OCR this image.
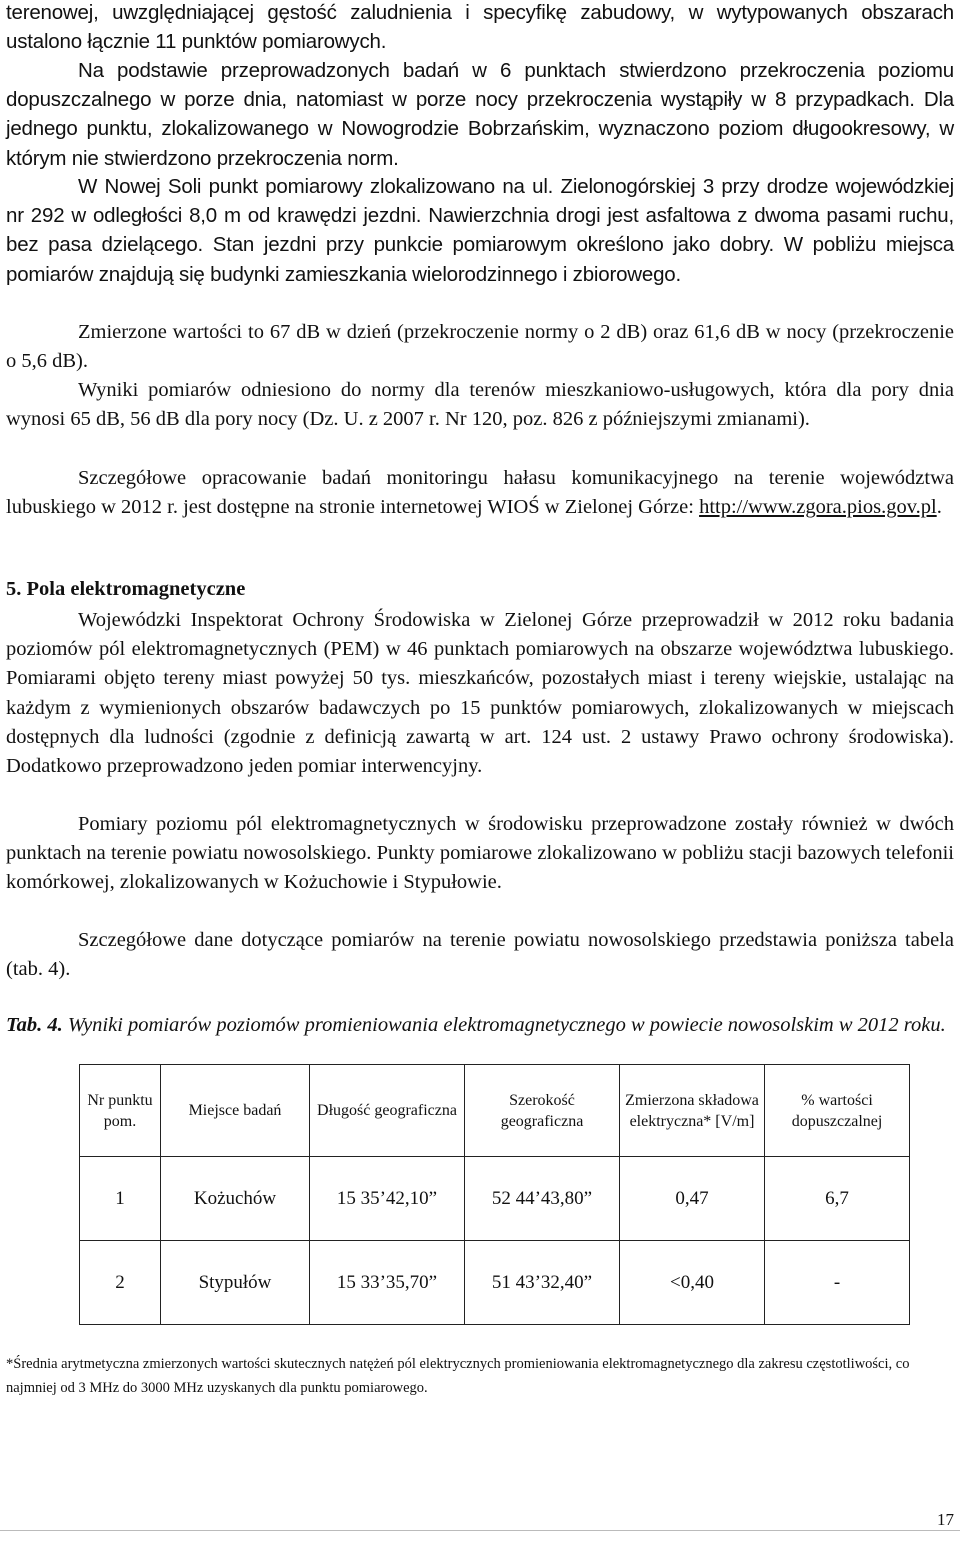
terenowej, uwzględniającej gęstość zaludnienia i specyfikę zabudowy, w wytypowanych obszarach ustalono łącznie 11 punktów pomiarowych.

Na podstawie przeprowadzonych badań w 6 punktach stwierdzono przekroczenia poziomu dopuszczalnego w porze dnia, natomiast w porze nocy przekroczenia wystąpiły w 8 przypadkach. Dla jednego punktu, zlokalizowanego w Nowogrodzie Bobrzańskim, wyznaczono poziom długookresowy, w którym nie stwierdzono przekroczenia norm.

W Nowej Soli punkt pomiarowy zlokalizowano na ul. Zielonogórskiej 3 przy drodze wojewódzkiej nr 292 w odległości 8,0 m od krawędzi jezdni. Nawierzchnia drogi jest asfaltowa z dwoma pasami ruchu, bez pasa dzielącego. Stan jezdni przy punkcie pomiarowym określono jako dobry. W pobliżu miejsca pomiarów znajdują się budynki zamieszkania wielorodzinnego i zbiorowego.

Zmierzone wartości to 67 dB w dzień (przekroczenie normy o 2 dB) oraz 61,6 dB w nocy (przekroczenie o 5,6 dB).

Wyniki pomiarów odniesiono do normy dla terenów mieszkaniowo-usługowych, która dla pory dnia wynosi 65 dB, 56 dB dla pory nocy (Dz. U. z 2007 r. Nr 120, poz. 826 z późniejszymi zmianami).

Szczegółowe opracowanie badań monitoringu hałasu komunikacyjnego na terenie województwa lubuskiego w 2012 r. jest dostępne na stronie internetowej WIOŚ w Zielonej Górze: http://www.zgora.pios.gov.pl.

5. Pola elektromagnetyczne

Wojewódzki Inspektorat Ochrony Środowiska w Zielonej Górze przeprowadził w 2012 roku badania poziomów pól elektromagnetycznych (PEM) w 46 punktach pomiarowych na obszarze województwa lubuskiego. Pomiarami objęto tereny miast powyżej 50 tys. mieszkańców, pozostałych miast i tereny wiejskie, ustalając na każdym z wymienionych obszarów badawczych po 15 punktów pomiarowych, zlokalizowanych w miejscach dostępnych dla ludności (zgodnie z definicją zawartą w art. 124 ust. 2 ustawy Prawo ochrony środowiska). Dodatkowo przeprowadzono jeden pomiar interwencyjny.

Pomiary poziomu pól elektromagnetycznych w środowisku przeprowadzone zostały również w dwóch punktach na terenie powiatu nowosolskiego. Punkty pomiarowe zlokalizowano w pobliżu stacji bazowych telefonii komórkowej, zlokalizowanych w Kożuchowie i Stypułowie.

Szczegółowe dane dotyczące pomiarów na terenie powiatu nowosolskiego przedstawia poniższa tabela (tab. 4).

Tab. 4. Wyniki pomiarów poziomów promieniowania elektromagnetycznego w powiecie nowosolskim w 2012 roku.

Nr punktu pom.	Miejsce badań	Długość geograficzna	Szerokość geograficzna	Zmierzona składowa elektryczna* [V/m]	% wartości dopuszczalnej
1	Kożuchów	15 35’42,10”	52 44’43,80”	0,47	6,7
2	Stypułów	15 33’35,70”	51 43’32,40”	<0,40	-

*Średnia arytmetyczna zmierzonych wartości skutecznych natężeń pól elektrycznych promieniowania elektromagnetycznego dla zakresu częstotliwości, co najmniej od 3 MHz do 3000 MHz uzyskanych dla punktu pomiarowego.

17
